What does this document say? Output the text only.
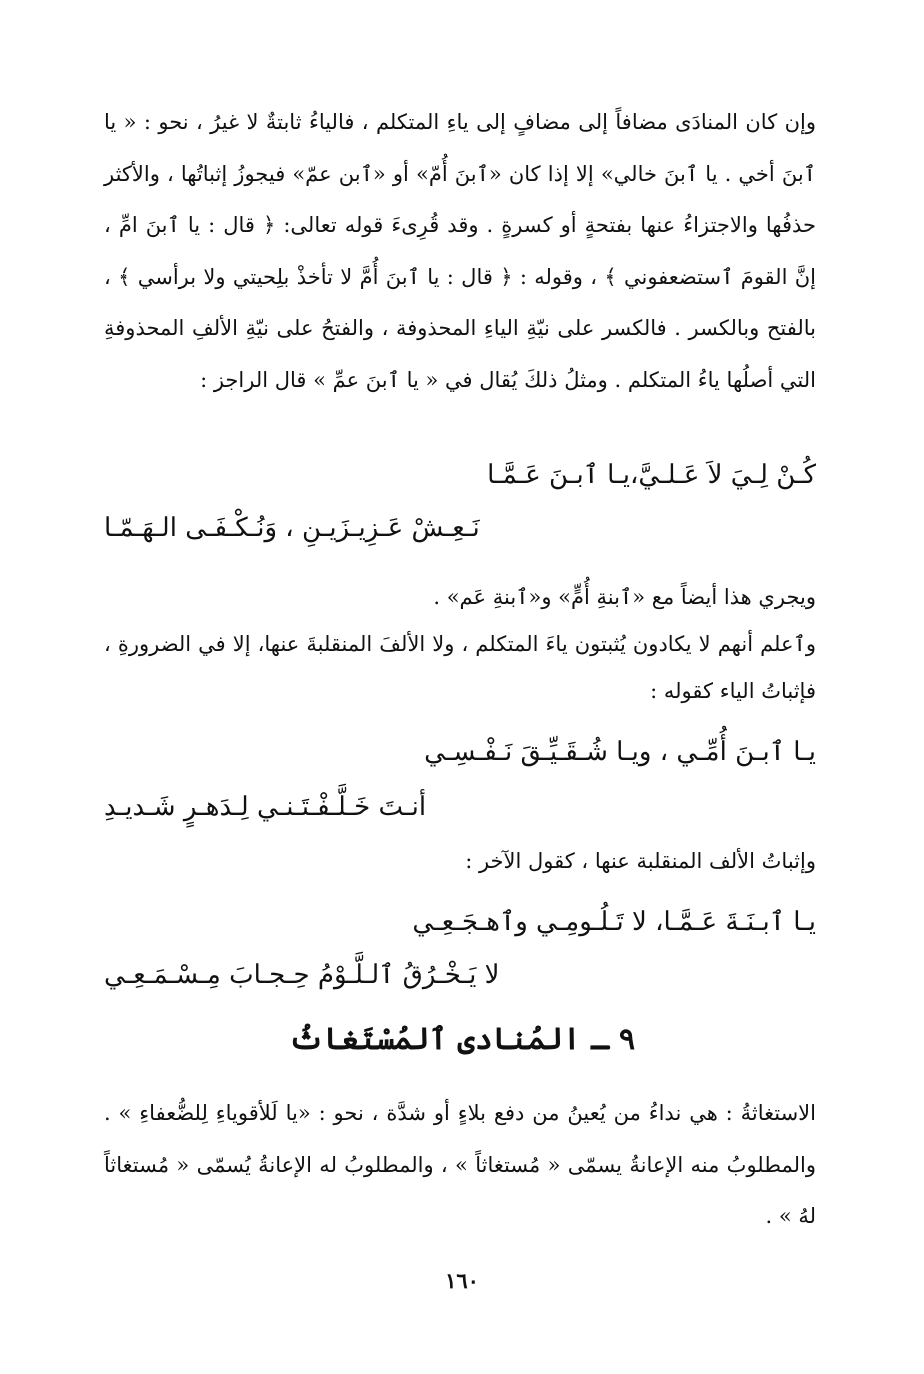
وإن كان المنادَى مضافاً إلى مضافٍ إلى ياءِ المتكلم ، فالياءُ ثابتةٌ لا غيرُ ، نحو : « يا ٱبنَ أخي . يا ٱبنَ خالي» إلا إذا كان «ٱبنَ أُمّ» أو «ٱبن عمّ» فيجوزُ إثباتُها ، والأكثر حذفُها والاجتزاءُ عنها بفتحةٍ أو كسرةٍ . وقد قُرِىءَ قوله تعالى: ﴿ قال : يا ٱبنَ امِّ ، إنَّ القومَ ٱستضعفوني ﴾ ، وقوله : ﴿ قال : يا ٱبنَ أُمَّ لا تأخذْ بلِحيتي ولا برأسي ﴾ ، بالفتح وبالكسر . فالكسر على نيّةِ الياءِ المحذوفة ، والفتحُ على نيّةِ الألفِ المحذوفةِ التي أصلُها ياءُ المتكلم . ومثلُ ذلكَ يُقال في « يا ٱبنَ عمِّ » قال الراجز :

كُـنْ لِـيَ لاَ عَـلـيَّ،يـا ٱبـنَ عَـمَّـا

نَـعِـشْ عَـزِيـزَيـنِ ، وَنُـكْـفَـى الـهَـمّـا

ويجري هذا أيضاً مع «ٱبنةِ أُمٍّ» و«ٱبنةِ عَم» .

وٱعلم أنهم لا يكادون يُثبتون ياءَ المتكلم ، ولا الألفَ المنقلبةَ عنها، إلا في الضرورةِ ، فإثباتُ الياء كقوله :

يـا ٱبـنَ أُمِّـي ، ويـا شُـقَـيِّـقَ نَـفْـسِـي

أنـتَ خَـلَّـفْـتَـنـي لِـدَهـرٍ شَـديـدِ

وإثباتُ الألف المنقلبة عنها ، كقول الآخر :

يـا ٱبـنَـةَ عَـمَّـا، لا تَـلُـومِـي وٱهـجَـعِـي

لا يَـخْـرُقُ ٱلـلَّـوْمُ حِـجـابَ مِـسْـمَـعِـي

٩ ـ المُنادى ٱلمُسْتَغاثُ

الاستغاثةُ : هي نداءُ من يُعينُ من دفع بلاءٍ أو شدَّة ، نحو : «يا لَلأقوياءِ لِلضُّعفاءِ » . والمطلوبُ منه الإعانةُ يسمّى « مُستغاثاً » ، والمطلوبُ له الإعانةُ يُسمّى « مُستغاثاً لهُ » .

١٦٠
